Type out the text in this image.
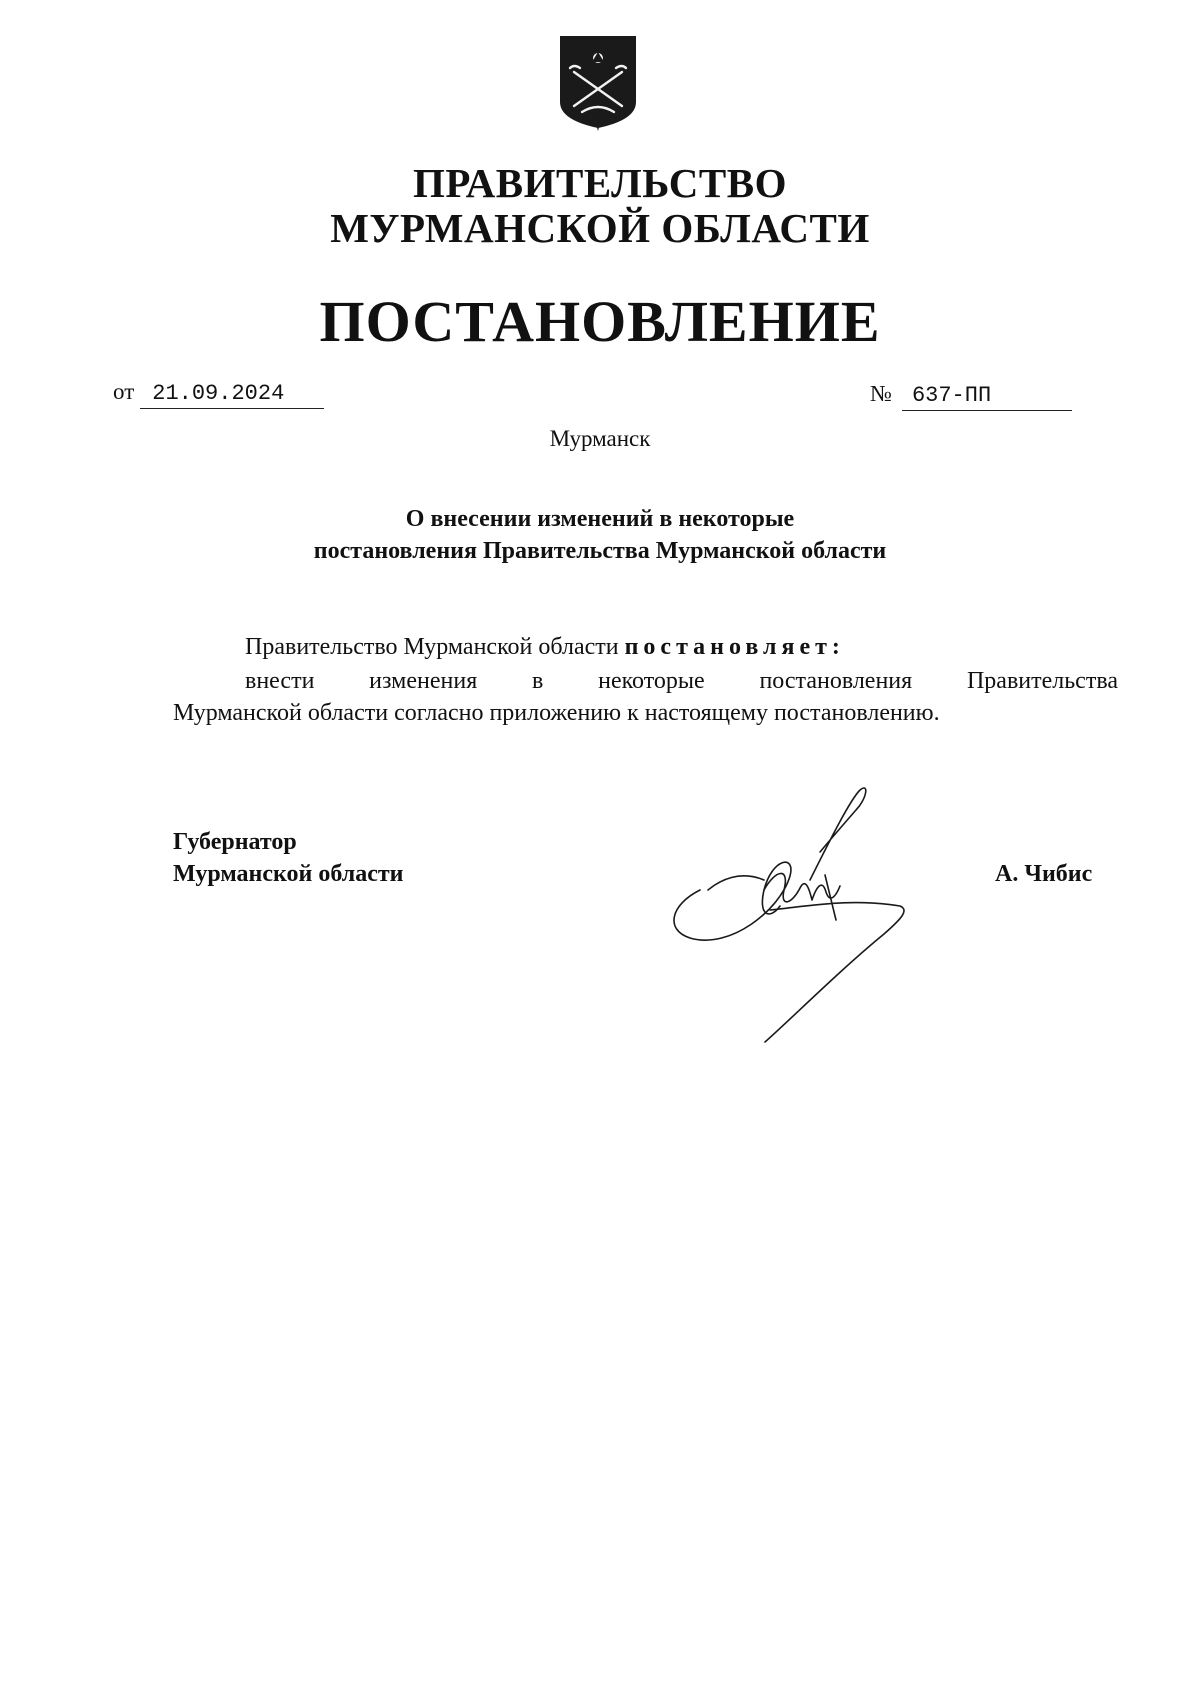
ПРАВИТЕЛЬСТВО
МУРМАНСКОЙ ОБЛАСТИ
ПОСТАНОВЛЕНИЕ
от 21.09.2024	№ 637-ПП
Мурманск
О внесении изменений в некоторые
постановления Правительства Мурманской области
Правительство Мурманской области постановляет:
внести изменения в некоторые постановления Правительства
Мурманской области согласно приложению к настоящему постановлению.
Губернатор
Мурманской области	А. Чибис
